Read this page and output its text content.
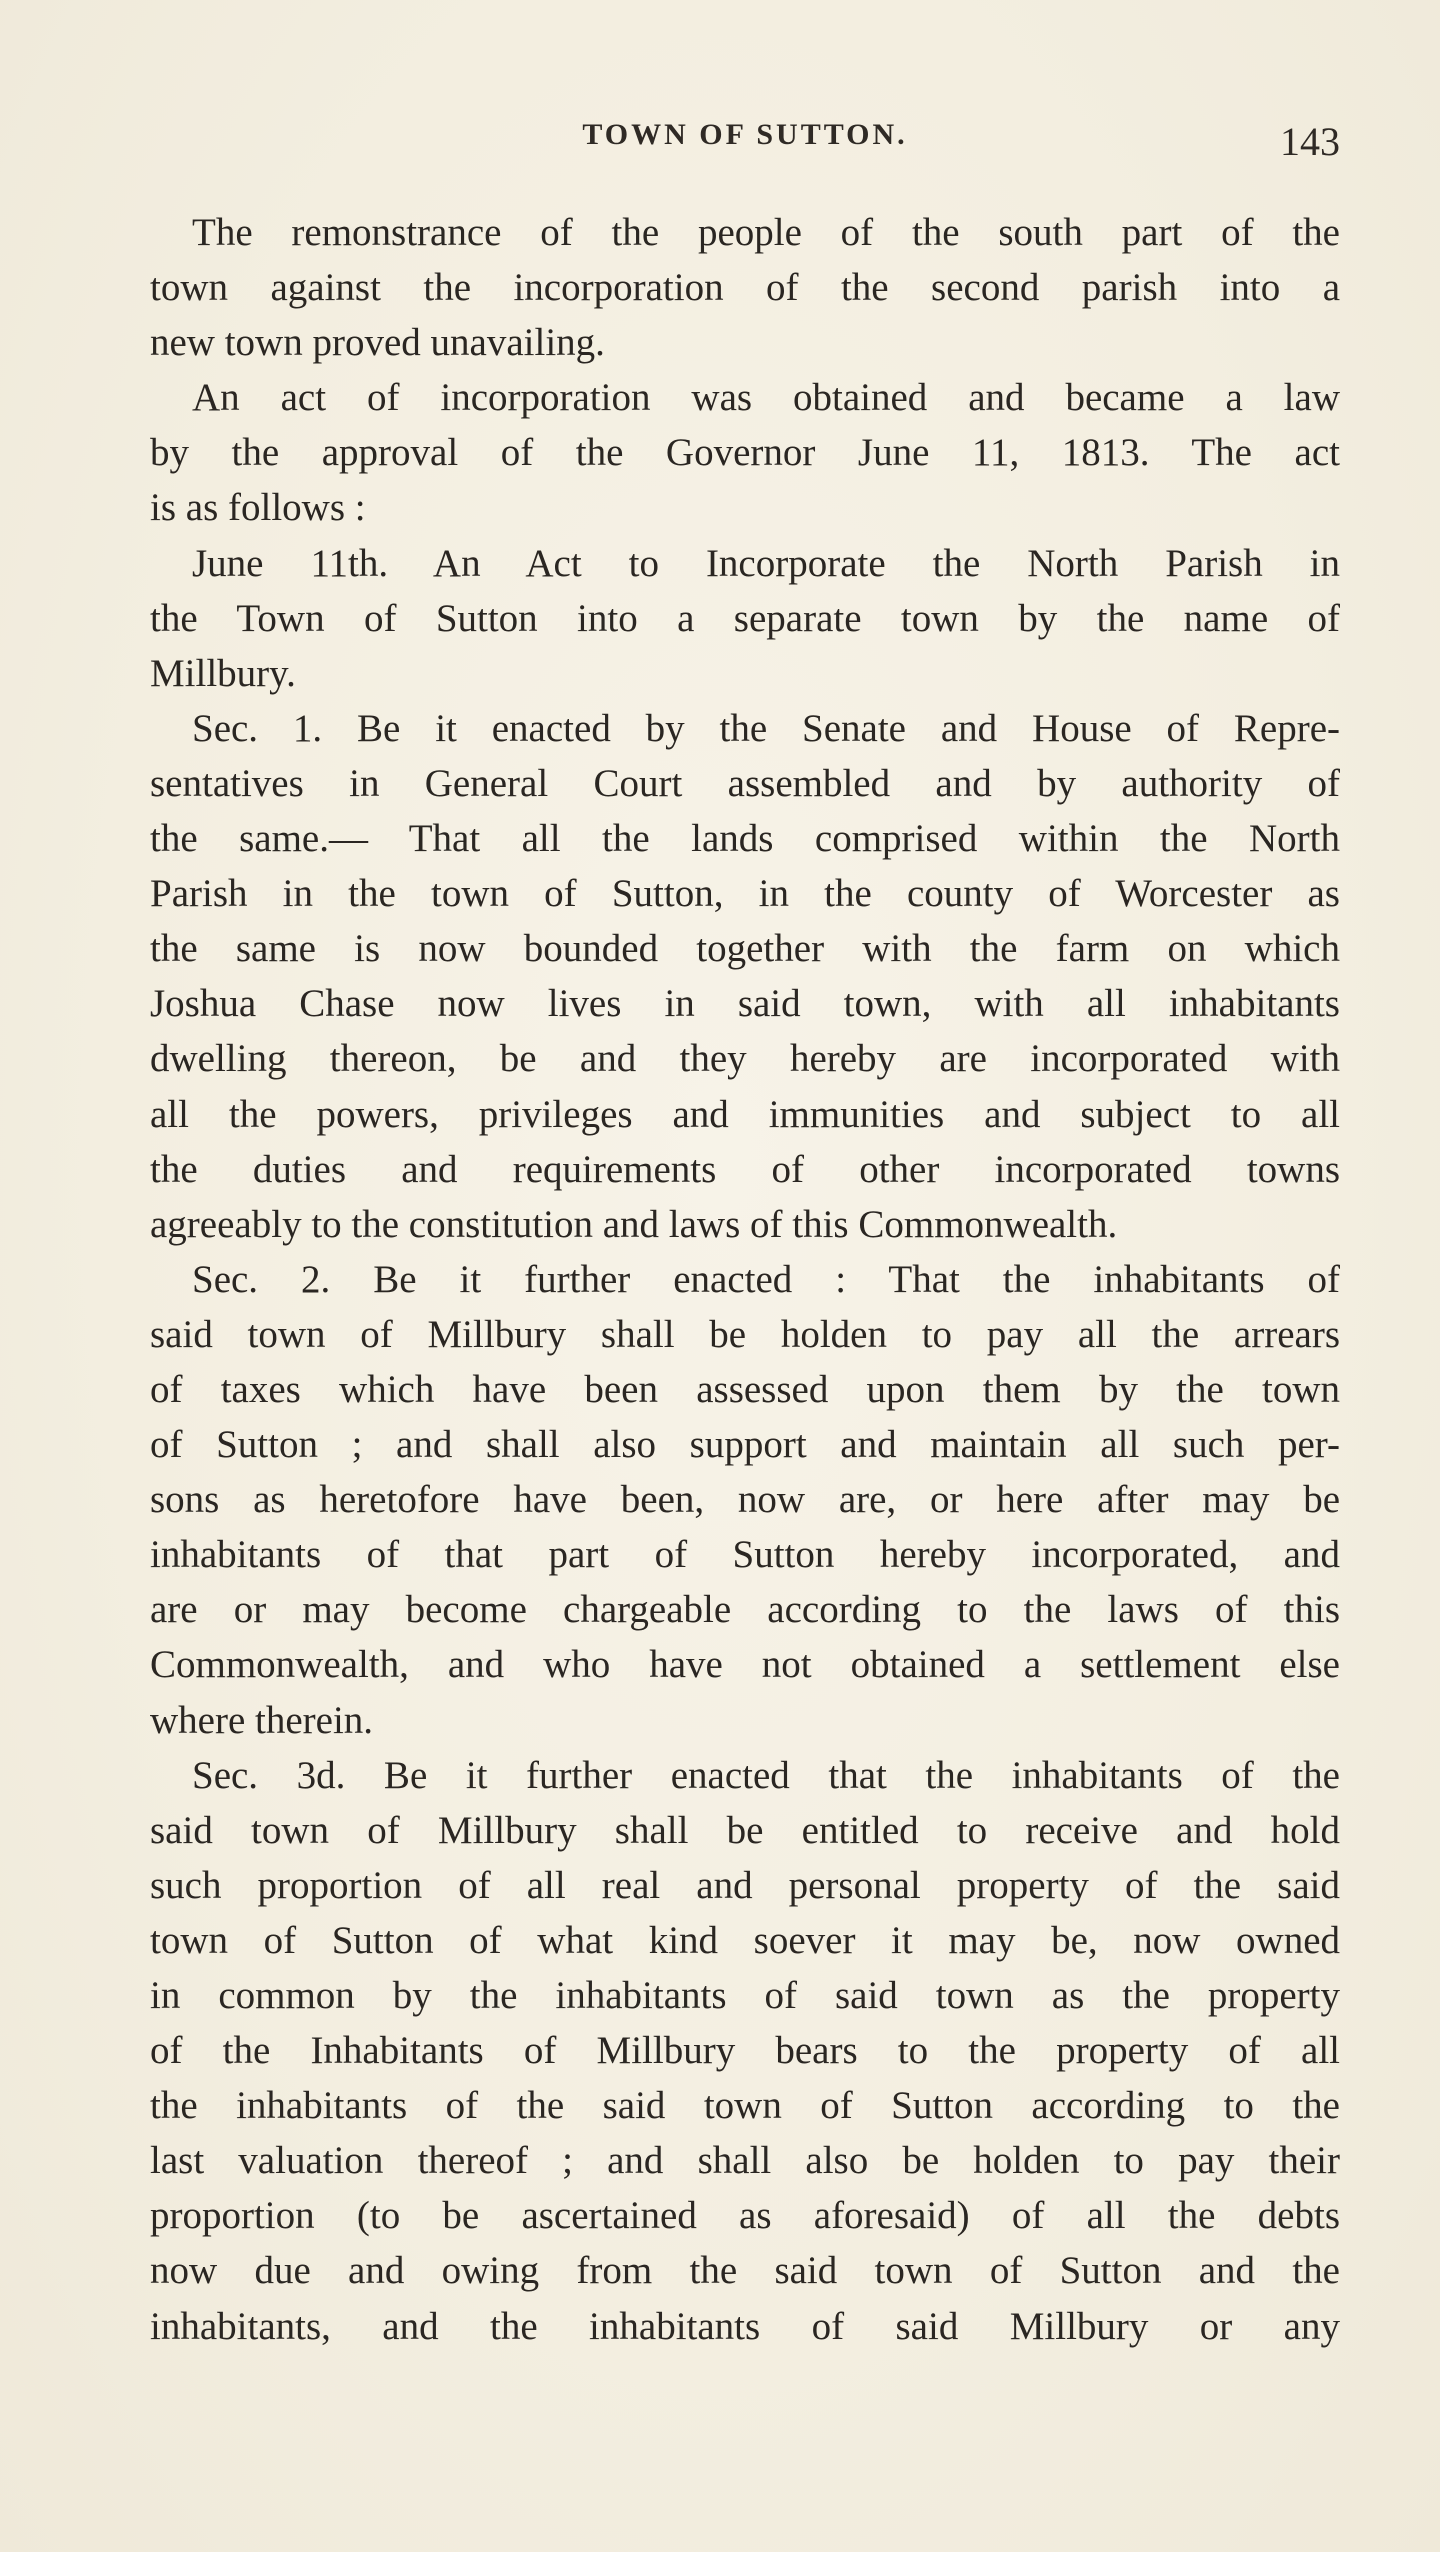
TOWN OF SUTTON.	143
The remonstrance of the people of the south part of the
town against the incorporation of the second parish into a
new town proved unavailing.
An act of incorporation was obtained and became a law
by the approval of the Governor June 11, 1813. The act
is as follows :
June 11th. An Act to Incorporate the North Parish in
the Town of Sutton into a separate town by the name of
Millbury.
Sec. 1. Be it enacted by the Senate and House of Repre-
sentatives in General Court assembled and by authority of
the same.— That all the lands comprised within the North
Parish in the town of Sutton, in the county of Worcester as
the same is now bounded together with the farm on which
Joshua Chase now lives in said town, with all inhabitants
dwelling thereon, be and they hereby are incorporated with
all the powers, privileges and immunities and subject to all
the duties and requirements of other incorporated towns
agreeably to the constitution and laws of this Commonwealth.
Sec. 2. Be it further enacted : That the inhabitants of
said town of Millbury shall be holden to pay all the arrears
of taxes which have been assessed upon them by the town
of Sutton ; and shall also support and maintain all such per-
sons as heretofore have been, now are, or here after may be
inhabitants of that part of Sutton hereby incorporated, and
are or may become chargeable according to the laws of this
Commonwealth, and who have not obtained a settlement else
where therein.
Sec. 3d. Be it further enacted that the inhabitants of the
said town of Millbury shall be entitled to receive and hold
such proportion of all real and personal property of the said
town of Sutton of what kind soever it may be, now owned
in common by the inhabitants of said town as the property
of the Inhabitants of Millbury bears to the property of all
the inhabitants of the said town of Sutton according to the
last valuation thereof ; and shall also be holden to pay their
proportion (to be ascertained as aforesaid) of all the debts
now due and owing from the said town of Sutton and the
inhabitants, and the inhabitants of said Millbury or any
